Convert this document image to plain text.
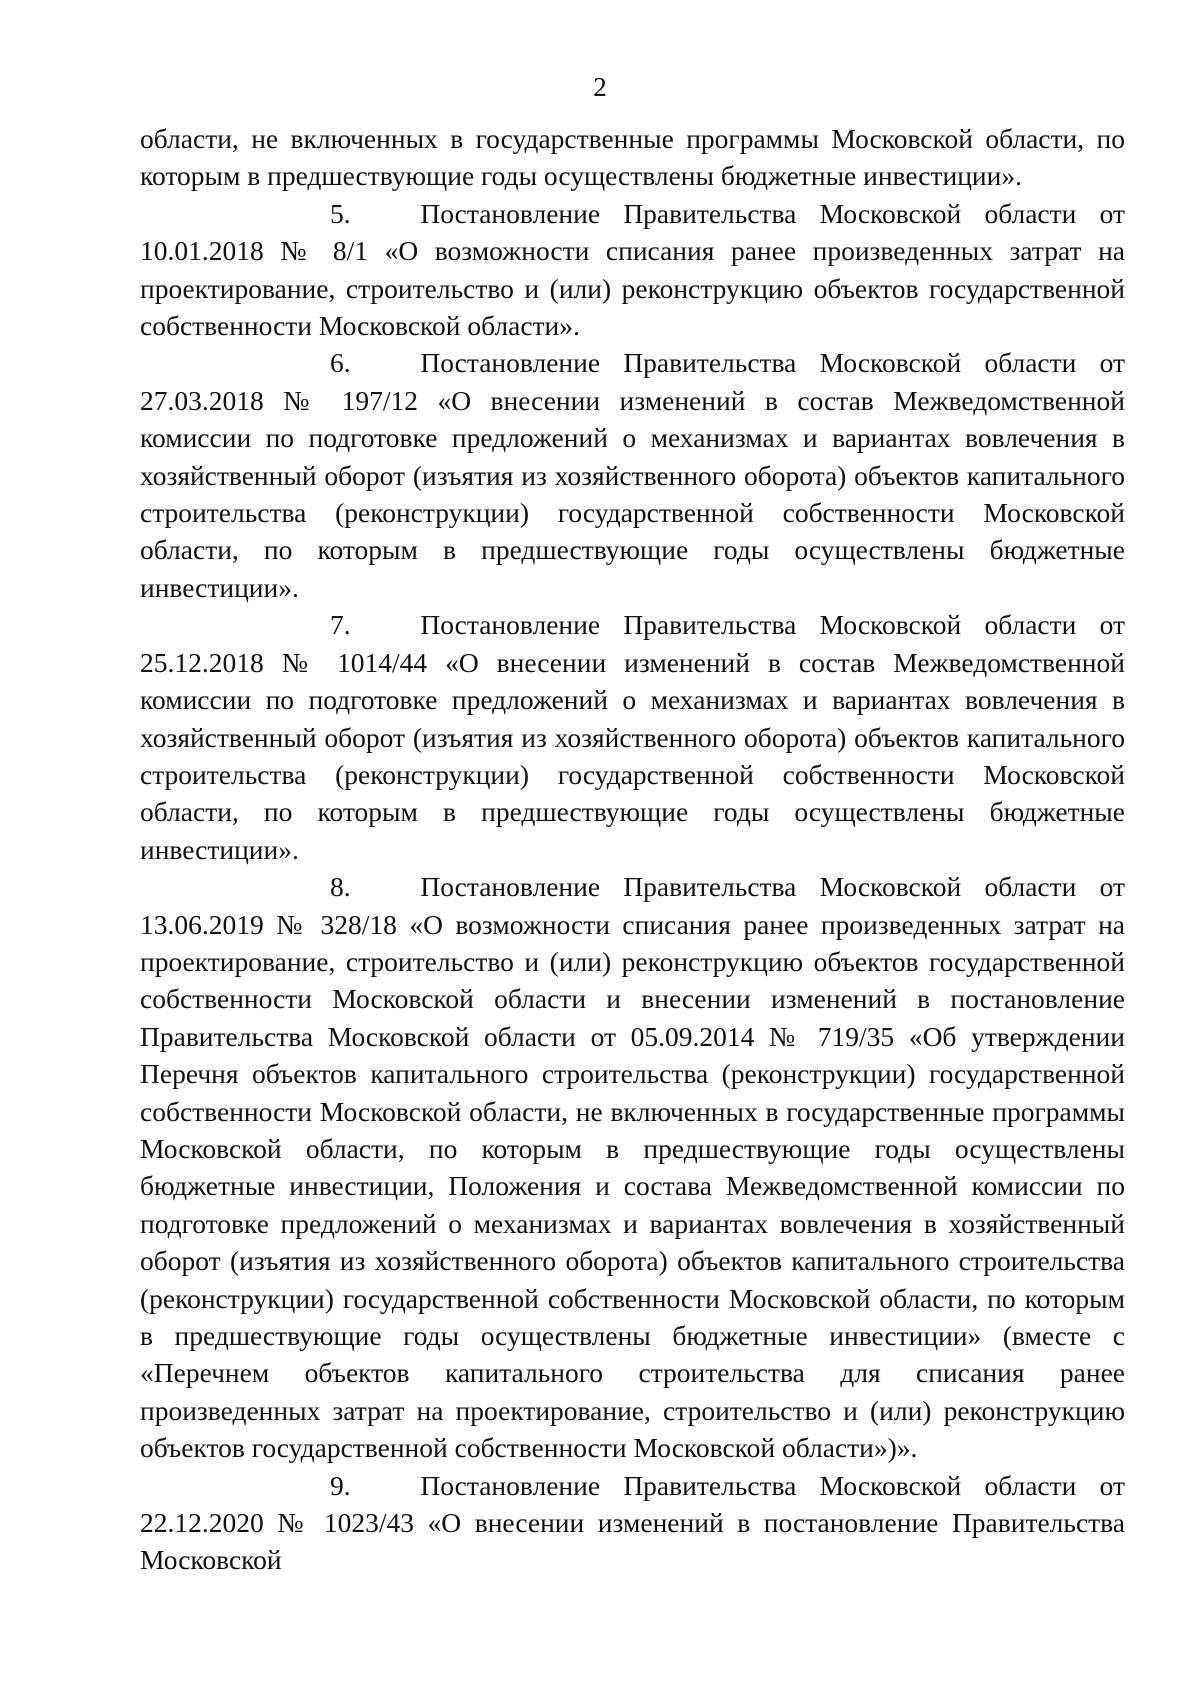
2

области, не включенных в государственные программы Московской области, по которым в предшествующие годы осуществлены бюджетные инвестиции».

5.	Постановление Правительства Московской области от 10.01.2018 № 8/1 «О возможности списания ранее произведенных затрат на проектирование, строительство и (или) реконструкцию объектов государственной собственности Московской области».

6.	Постановление Правительства Московской области от 27.03.2018 № 197/12 «О внесении изменений в состав Межведомственной комиссии по подготовке предложений о механизмах и вариантах вовлечения в хозяйственный оборот (изъятия из хозяйственного оборота) объектов капитального строительства (реконструкции) государственной собственности Московской области, по которым в предшествующие годы осуществлены бюджетные инвестиции».

7.	Постановление Правительства Московской области от 25.12.2018 № 1014/44 «О внесении изменений в состав Межведомственной комиссии по подготовке предложений о механизмах и вариантах вовлечения в хозяйственный оборот (изъятия из хозяйственного оборота) объектов капитального строительства (реконструкции) государственной собственности Московской области, по которым в предшествующие годы осуществлены бюджетные инвестиции».

8.	Постановление Правительства Московской области от 13.06.2019 № 328/18 «О возможности списания ранее произведенных затрат на проектирование, строительство и (или) реконструкцию объектов государственной собственности Московской области и внесении изменений в постановление Правительства Московской области от 05.09.2014 № 719/35 «Об утверждении Перечня объектов капитального строительства (реконструкции) государственной собственности Московской области, не включенных в государственные программы Московской области, по которым в предшествующие годы осуществлены бюджетные инвестиции, Положения и состава Межведомственной комиссии по подготовке предложений о механизмах и вариантах вовлечения в хозяйственный оборот (изъятия из хозяйственного оборота) объектов капитального строительства (реконструкции) государственной собственности Московской области, по которым в предшествующие годы осуществлены бюджетные инвестиции» (вместе с «Перечнем объектов капитального строительства для списания ранее произведенных затрат на проектирование, строительство и (или) реконструкцию объектов государственной собственности Московской области»)».

9.	Постановление Правительства Московской области от 22.12.2020 № 1023/43 «О внесении изменений в постановление Правительства Московской
